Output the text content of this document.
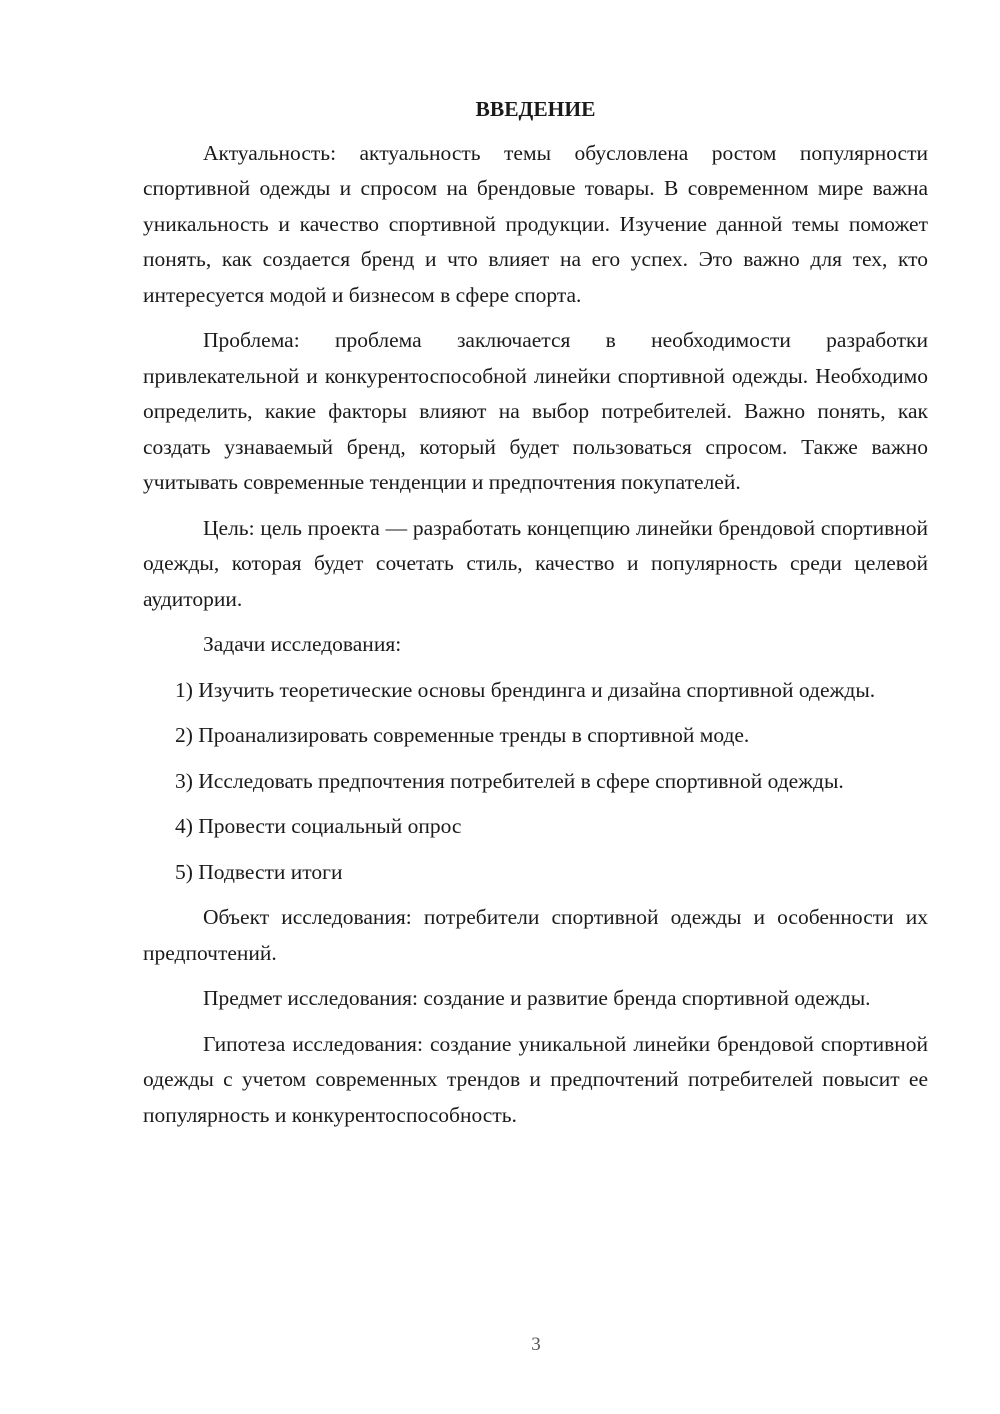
ВВЕДЕНИЕ

Актуальность: актуальность темы обусловлена ростом популярности спортивной одежды и спросом на брендовые товары. В современном мире важна уникальность и качество спортивной продукции. Изучение данной темы поможет понять, как создается бренд и что влияет на его успех. Это важно для тех, кто интересуется модой и бизнесом в сфере спорта.

Проблема: проблема заключается в необходимости разработки привлекательной и конкурентоспособной линейки спортивной одежды. Необходимо определить, какие факторы влияют на выбор потребителей. Важно понять, как создать узнаваемый бренд, который будет пользоваться спросом. Также важно учитывать современные тенденции и предпочтения покупателей.

Цель: цель проекта — разработать концепцию линейки брендовой спортивной одежды, которая будет сочетать стиль, качество и популярность среди целевой аудитории.

Задачи исследования:

1) Изучить теоретические основы брендинга и дизайна спортивной одежды.

2) Проанализировать современные тренды в спортивной моде.

3) Исследовать предпочтения потребителей в сфере спортивной одежды.

4) Провести социальный опрос

5) Подвести итоги

Объект исследования: потребители спортивной одежды и особенности их предпочтений.

Предмет исследования: создание и развитие бренда спортивной одежды.

Гипотеза исследования: создание уникальной линейки брендовой спортивной одежды с учетом современных трендов и предпочтений потребителей повысит ее популярность и конкурентоспособность.

3
